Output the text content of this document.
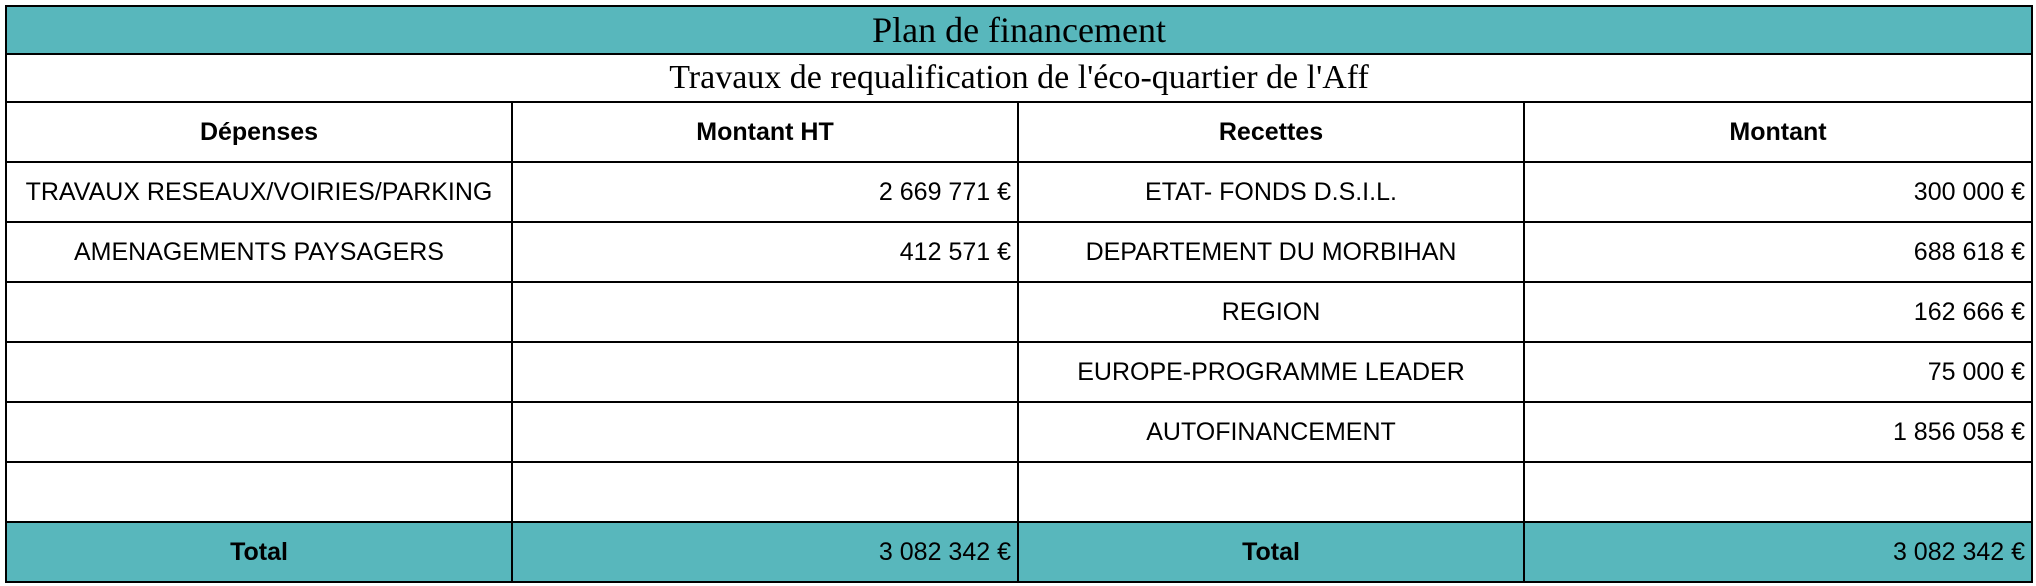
Plan de financement			
Travaux de requalification de l'éco-quartier de l'Aff			
Dépenses	Montant HT	Recettes	Montant
TRAVAUX RESEAUX/VOIRIES/PARKING	2 669 771 €	ETAT- FONDS D.S.I.L.	300 000 €
AMENAGEMENTS PAYSAGERS	412 571 €	DEPARTEMENT DU MORBIHAN	688 618 €
		REGION	162 666 €
		EUROPE-PROGRAMME LEADER	75 000 €
		AUTOFINANCEMENT	1 856 058 €

Total	3 082 342 €	Total	3 082 342 €
